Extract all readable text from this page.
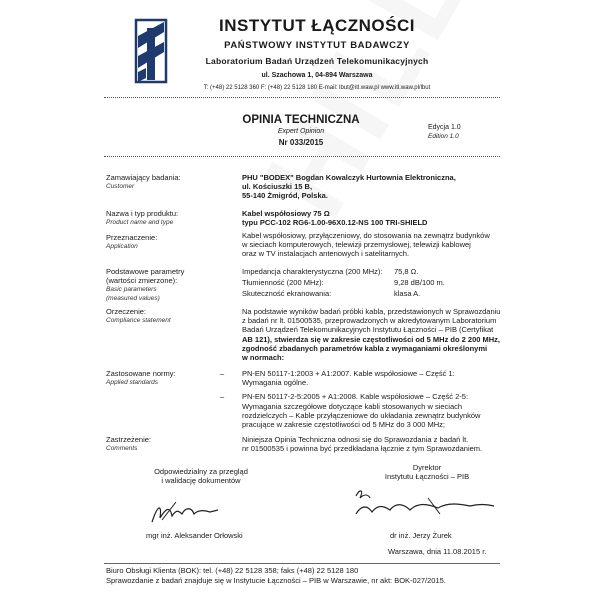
INSTYTUT ŁĄCZNOŚCI
PAŃSTWOWY INSTYTUT BADAWCZY
Laboratorium Badań Urządzeń Telekomunikacyjnych
ul. Szachowa 1, 04-894 Warszawa
T: (+48) 22 5128 360 F: (+48) 22 5128 180 E-mail: lbut@itl.waw.pl www.itl.waw.pl/lbut
OPINIA TECHNICZNA
Expert Opinion
Nr 033/2015
Edycja 1.0
Edition 1.0
Zamawiający badania:
Customer
PHU "BODEX" Bogdan Kowalczyk Hurtownia Elektroniczna,
ul. Kościuszki 15 B,
55-140 Żmigród, Polska.
Nazwa i typ produktu:
Product name and type
Kabel współosiowy 75 Ω
typu PCC-102 RG6-1.00-96X0.12-NS 100 TRI-SHIELD
Przeznaczenie:
Application
Kabel współosiowy, przyłączeniowy, do stosowania na zewnątrz budynków
w sieciach komputerowych, telewizji przemysłowej, telewizji kablowej
oraz w TV instalacjach antenowych i satelitarnych.
Podstawowe parametry
(wartości zmierzone):
Basic parameters
(measured values)
Impedancja charakterystyczna (200 MHz): 75,8 Ω.
Tłumienność (200 MHz):	9,28 dB/100 m.
Skuteczność ekranowania:	klasa A.
Orzeczenie:
Compliance statement
Na podstawie wyników badań próbki kabla, przedstawionych w Sprawozdaniu
z badań nr lt. 01500535, przeprowadzonych w akredytowanym Laboratorium
Badań Urządzeń Telekomunikacyjnych Instytutu Łączności – PIB (Certyfikat
AB 121), stwierdza się w zakresie częstotliwości od 5 MHz do 2 200 MHz,
zgodność zbadanych parametrów kabla z wymaganiami określonymi
w normach:
Zastosowane normy:
Applied standards
– PN-EN 50117-1:2003 + A1:2007. Kable współosiowe – Część 1:
Wymagania ogólne.
– PN-EN 50117-2-5:2005 + A1:2008. Kable współosiowe – Część 2-5:
Wymagania szczegółowe dotyczące kabli stosowanych w sieciach
rozdzielczych – Kable przyłączeniowe do układania zewnątrz budynków
pracujące w zakresie częstotliwości od 5 MHz do 3 000 MHz;
Zastrzeżenie:
Comments
Niniejsza Opinia Techniczna odnosi się do Sprawozdania z badań lt.
nr 01500535 i powinna być przedkładana łącznie z tym Sprawozdaniem.
Odpowiedzialny za przegląd
i walidację dokumentów
mgr inż. Aleksander Orłowski
Dyrektor
Instytutu Łączności – PIB
dr inż. Jerzy Żurek
Warszawa, dnia 11.08.2015 r.
Biuro Obsługi Klienta (BOK): tel. (+48) 22 5128 358; faks (+48) 22 5128 180
Sprawozdanie z badań znajduje się w Instytucie Łączności – PIB w Warszawie, nr akt: BOK-027/2015.
